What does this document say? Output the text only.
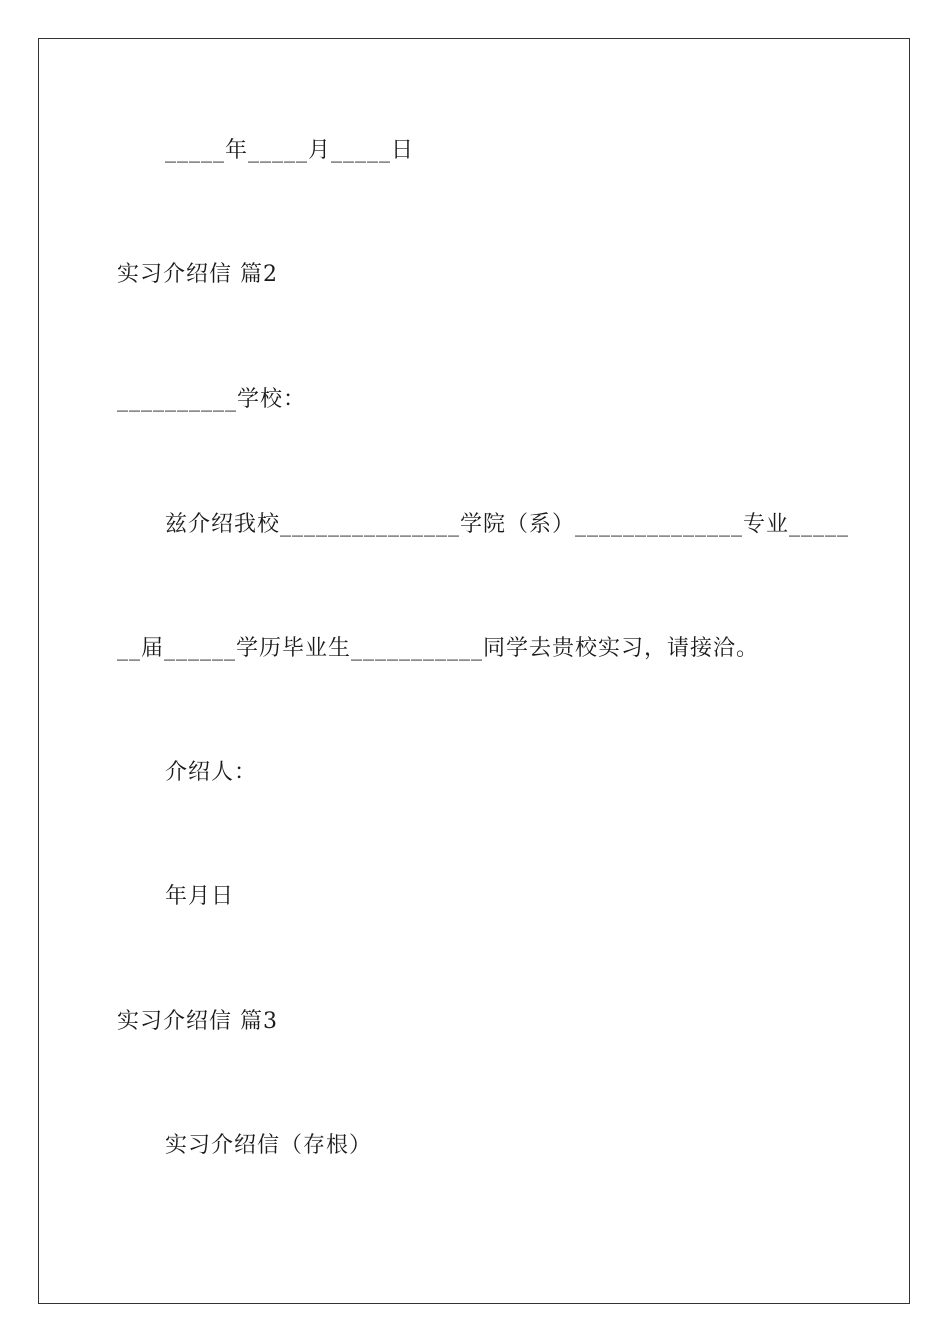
_____年_____月_____日
实习介绍信 篇2
__________学校：
兹介绍我校_______________学院（系）______________专业_____
__届______学历毕业生___________同学去贵校实习，请接洽。
介绍人：
年月日
实习介绍信 篇3
实习介绍信（存根）
